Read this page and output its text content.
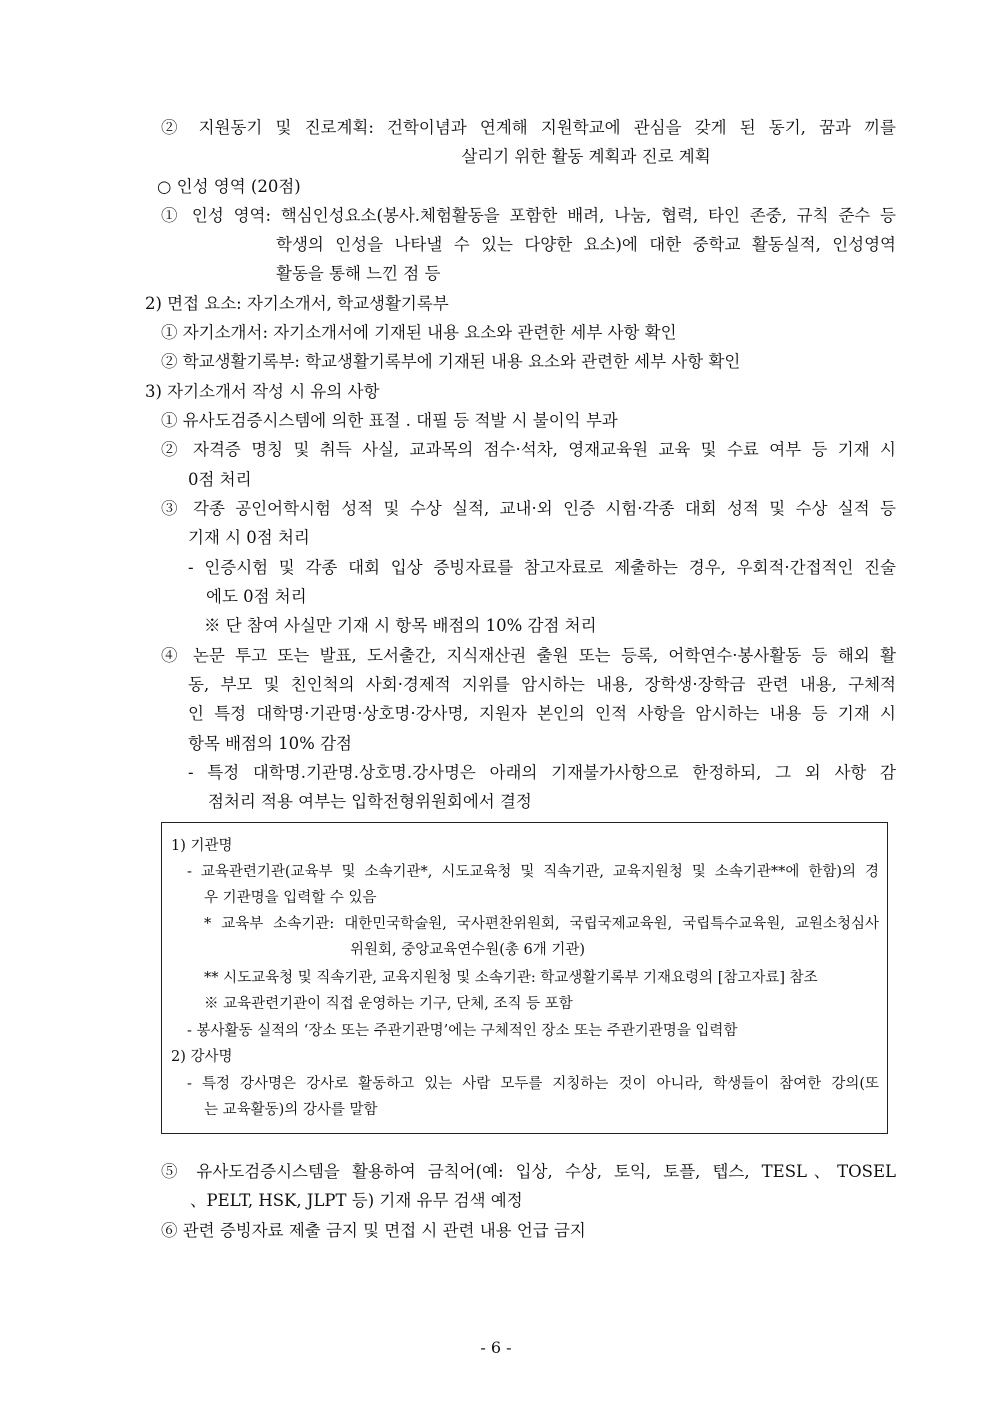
② 지원동기 및 진로계획: 건학이념과 연계해 지원학교에 관심을 갖게 된 동기, 꿈과 끼를
살리기 위한 활동 계획과 진로 계획
○ 인성 영역 (20점)
① 인성 영역: 핵심인성요소(봉사.체험활동을 포함한 배려, 나눔, 협력, 타인 존중, 규칙 준수 등
학생의 인성을 나타낼 수 있는 다양한 요소)에 대한 중학교 활동실적, 인성영역
활동을 통해 느낀 점 등
2) 면접 요소: 자기소개서, 학교생활기록부
① 자기소개서: 자기소개서에 기재된 내용 요소와 관련한 세부 사항 확인
② 학교생활기록부: 학교생활기록부에 기재된 내용 요소와 관련한 세부 사항 확인
3) 자기소개서 작성 시 유의 사항
① 유사도검증시스템에 의한 표절 . 대필 등 적발 시 불이익 부과
② 자격증 명칭 및 취득 사실, 교과목의 점수·석차, 영재교육원 교육 및 수료 여부 등 기재 시
0점 처리
③ 각종 공인어학시험 성적 및 수상 실적, 교내·외 인증 시험·각종 대회 성적 및 수상 실적 등
기재 시 0점 처리
- 인증시험 및 각종 대회 입상 증빙자료를 참고자료로 제출하는 경우, 우회적·간접적인 진술
에도 0점 처리
※ 단 참여 사실만 기재 시 항목 배점의 10% 감점 처리
④ 논문 투고 또는 발표, 도서출간, 지식재산권 출원 또는 등록, 어학연수·봉사활동 등 해외 활
동, 부모 및 친인척의 사회·경제적 지위를 암시하는 내용, 장학생·장학금 관련 내용, 구체적
인 특정 대학명·기관명·상호명·강사명, 지원자 본인의 인적 사항을 암시하는 내용 등 기재 시
항목 배점의 10% 감점
- 특정 대학명.기관명.상호명.강사명은 아래의 기재불가사항으로 한정하되, 그 외 사항 감
점처리 적용 여부는 입학전형위원회에서 결정
1) 기관명
- 교육관련기관(교육부 및 소속기관*, 시도교육청 및 직속기관, 교육지원청 및 소속기관**에 한함)의 경
우 기관명을 입력할 수 있음
* 교육부 소속기관: 대한민국학술원, 국사편찬위원회, 국립국제교육원, 국립특수교육원, 교원소청심사
위원회, 중앙교육연수원(총 6개 기관)
** 시도교육청 및 직속기관, 교육지원청 및 소속기관: 학교생활기록부 기재요령의 [참고자료] 참조
※ 교육관련기관이 직접 운영하는 기구, 단체, 조직 등 포함
- 봉사활동 실적의 ‘장소 또는 주관기관명’에는 구체적인 장소 또는 주관기관명을 입력함
2) 강사명
- 특정 강사명은 강사로 활동하고 있는 사람 모두를 지칭하는 것이 아니라, 학생들이 참여한 강의(또
는 교육활동)의 강사를 말함
⑤ 유사도검증시스템을 활용하여 금칙어(예: 입상, 수상, 토익, 토플, 텝스, TESL、TOSEL
、PELT, HSK, JLPT 등) 기재 유무 검색 예정
⑥ 관련 증빙자료 제출 금지 및 면접 시 관련 내용 언급 금지
- 6 -
